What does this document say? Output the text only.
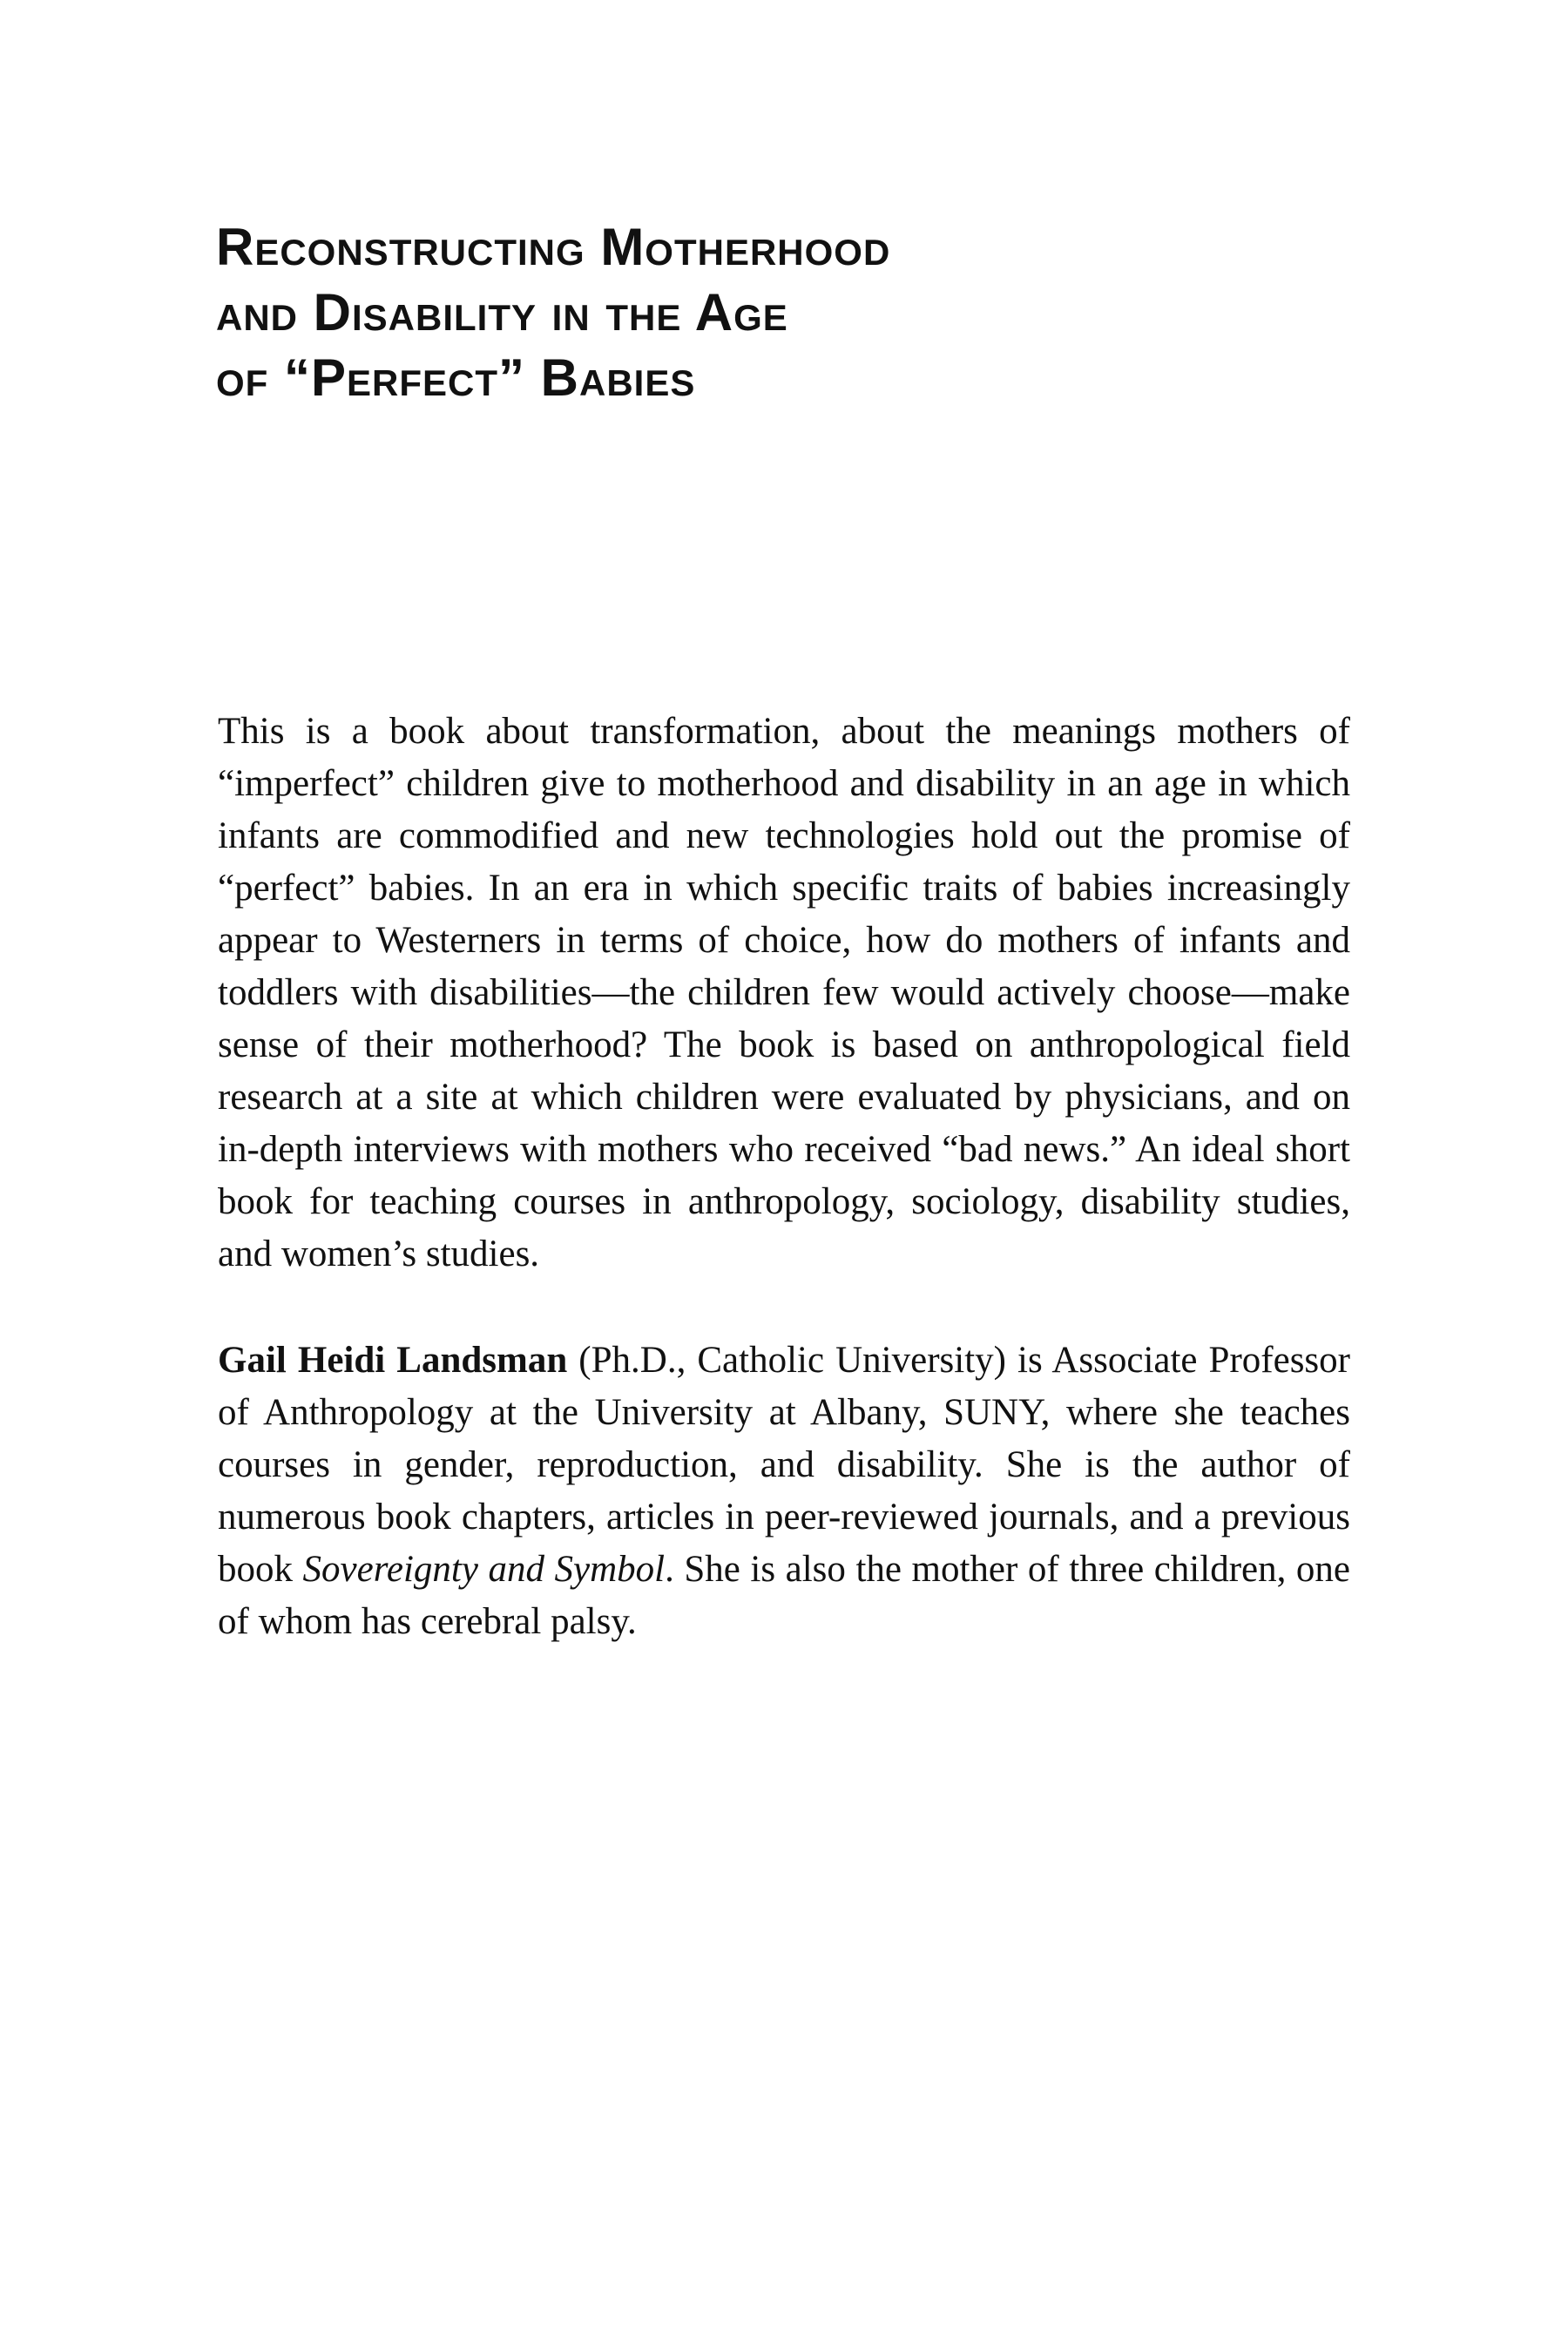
Reconstructing Motherhood
and Disability in the Age
of “Perfect” Babies

This is a book about transformation, about the meanings mothers of “imperfect” children give to motherhood and disability in an age in which infants are commodified and new technologies hold out the promise of “perfect” babies. In an era in which specific traits of babies increasingly appear to Westerners in terms of choice, how do mothers of infants and toddlers with disabilities—the children few would actively choose—make sense of their motherhood? The book is based on anthropological field research at a site at which children were evaluated by physicians, and on in-depth interviews with mothers who received “bad news.” An ideal short book for teaching courses in anthropology, sociology, disability studies, and women’s studies.

Gail Heidi Landsman (Ph.D., Catholic University) is Associate Professor of Anthropology at the University at Albany, SUNY, where she teaches courses in gender, reproduction, and disability. She is the author of numerous book chapters, articles in peer-reviewed journals, and a previous book Sovereignty and Symbol. She is also the mother of three children, one of whom has cerebral palsy.
